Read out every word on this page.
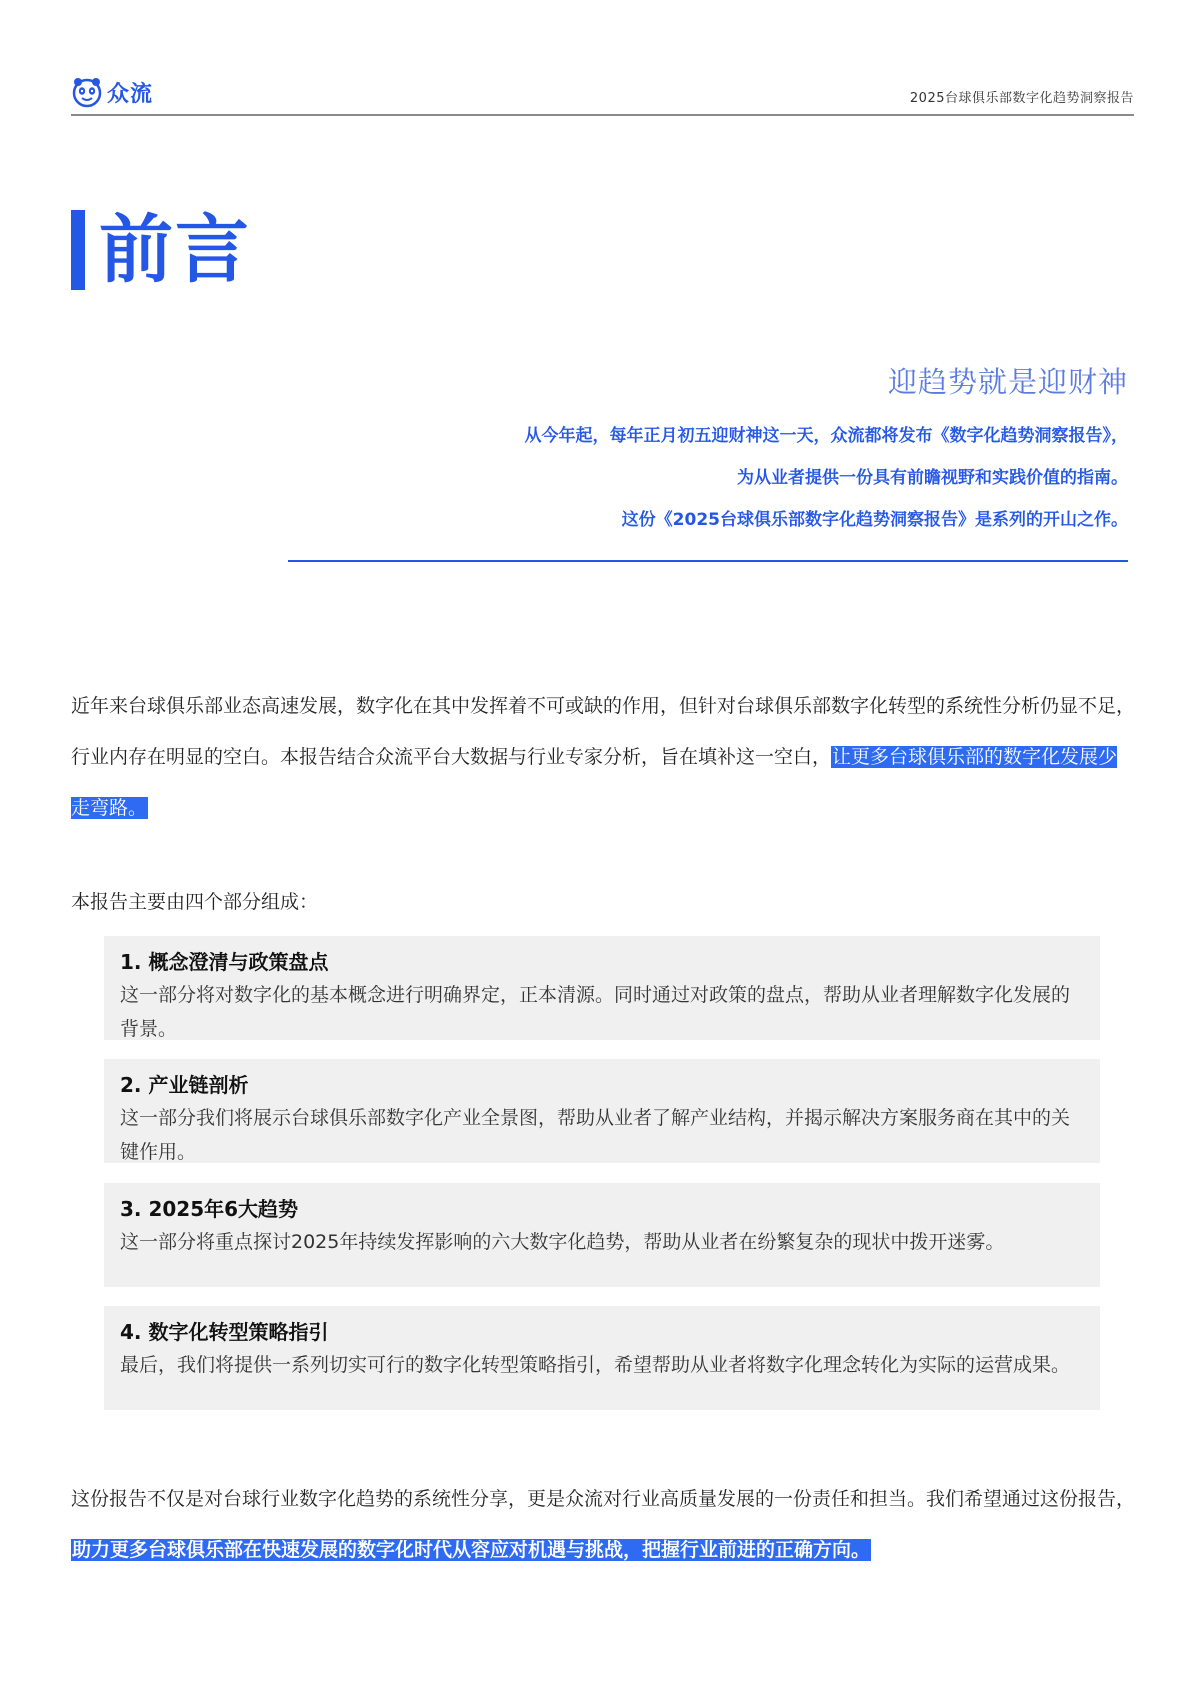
众流	2025台球俱乐部数字化趋势洞察报告
前言
迎趋势就是迎财神
从今年起，每年正月初五迎财神这一天，众流都将发布《数字化趋势洞察报告》，
为从业者提供一份具有前瞻视野和实践价值的指南。
这份《2025台球俱乐部数字化趋势洞察报告》是系列的开山之作。
近年来台球俱乐部业态高速发展，数字化在其中发挥着不可或缺的作用，但针对台球俱乐部数字化转型的系统性分析仍显不足，行业内存在明显的空白。本报告结合众流平台大数据与行业专家分析，旨在填补这一空白，让更多台球俱乐部的数字化发展少走弯路。
本报告主要由四个部分组成：
1. 概念澄清与政策盘点
这一部分将对数字化的基本概念进行明确界定，正本清源。同时通过对政策的盘点，帮助从业者理解数字化发展的背景。
2. 产业链剖析
这一部分我们将展示台球俱乐部数字化产业全景图，帮助从业者了解产业结构，并揭示解决方案服务商在其中的关键作用。
3. 2025年6大趋势
这一部分将重点探讨2025年持续发挥影响的六大数字化趋势，帮助从业者在纷繁复杂的现状中拨开迷雾。
4. 数字化转型策略指引
最后，我们将提供一系列切实可行的数字化转型策略指引，希望帮助从业者将数字化理念转化为实际的运营成果。
这份报告不仅是对台球行业数字化趋势的系统性分享，更是众流对行业高质量发展的一份责任和担当。我们希望通过这份报告，助力更多台球俱乐部在快速发展的数字化时代从容应对机遇与挑战，把握行业前进的正确方向。
